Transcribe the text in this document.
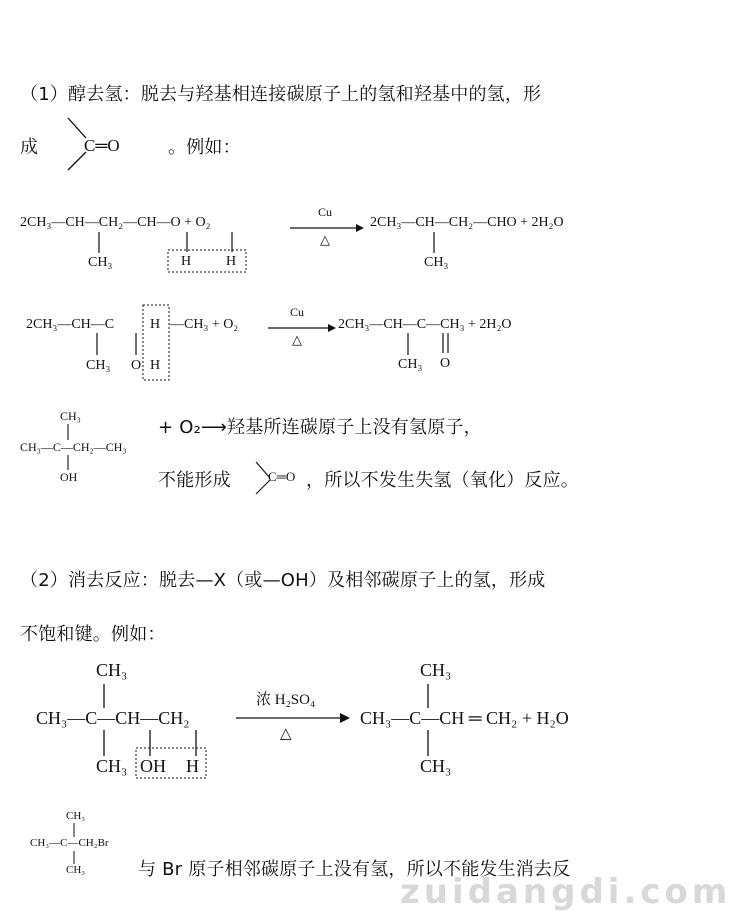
（1）醇去氢：脱去与羟基相连接碳原子上的氢和羟基中的氢，形
成	C═O	。例如：
2CH₃—CH—CH₂—CH—O + O₂
CH₃	H H
Cu
△
2CH₃—CH—CH₂—CHO + 2H₂O
CH₃
2CH₃—CH—C	H —CH₃ + O₂
CH₃ O H
Cu
△
2CH₃—CH—C—CH₃ + 2H₂O
CH₃ O
CH₃
CH₃—C—CH₂—CH₃
OH
+ O₂⟶羟基所连碳原子上没有氢原子，
不能形成	C═O ，所以不发生失氢（氧化）反应。
（2）消去反应：脱去—X（或—OH）及相邻碳原子上的氢，形成
不饱和键。例如：
CH₃
CH₃—C—CH—CH₂
CH₃ OH H
浓 H₂SO₄
△
CH₃
CH₃—C—CH ═ CH₂ + H₂O
CH₃
CH₃
CH₃—C—CH₂Br
CH₃	与 Br 原子相邻碳原子上没有氢，所以不能发生消去反
zuidangdi.com
